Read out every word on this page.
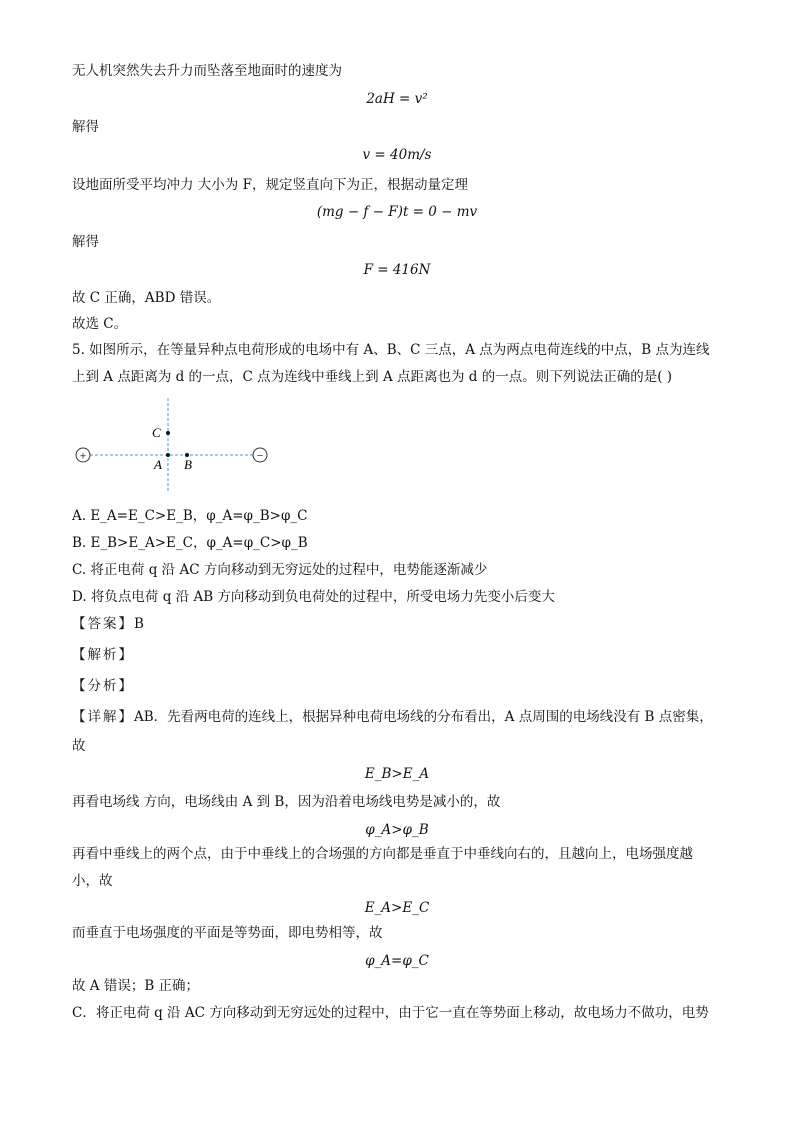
无人机突然失去升力而坠落至地面时的速度为
2aH = v²
解得
v = 40m/s
设地面所受平均冲力 大小为 F，规定竖直向下为正，根据动量定理
(mg − f − F)t = 0 − mv
解得
F = 416N
故 C 正确，ABD 错误。
故选 C。
5. 如图所示，在等量异种点电荷形成的电场中有 A、B、C 三点，A 点为两点电荷连线的中点，B 点为连线
上到 A 点距离为 d 的一点，C 点为连线中垂线上到 A 点距离也为 d 的一点。则下列说法正确的是( )
+	−
C
A B
A. E_A=E_C>E_B，φ_A=φ_B>φ_C
B. E_B>E_A>E_C，φ_A=φ_C>φ_B
C. 将正电荷 q 沿 AC 方向移动到无穷远处的过程中，电势能逐渐减少
D. 将负点电荷 q 沿 AB 方向移动到负电荷处的过程中，所受电场力先变小后变大
【答案】B
【解析】
【分析】
【详解】AB．先看两电荷的连线上，根据异种电荷电场线的分布看出，A 点周围的电场线没有 B 点密集，
故
E_B>E_A
再看电场线 方向，电场线由 A 到 B，因为沿着电场线电势是减小的，故
φ_A>φ_B
再看中垂线上的两个点，由于中垂线上的合场强的方向都是垂直于中垂线向右的，且越向上，电场强度越
小，故
E_A>E_C
而垂直于电场强度的平面是等势面，即电势相等，故
φ_A=φ_C
故 A 错误；B 正确；
C．将正电荷 q 沿 AC 方向移动到无穷远处的过程中，由于它一直在等势面上移动，故电场力不做功，电势
